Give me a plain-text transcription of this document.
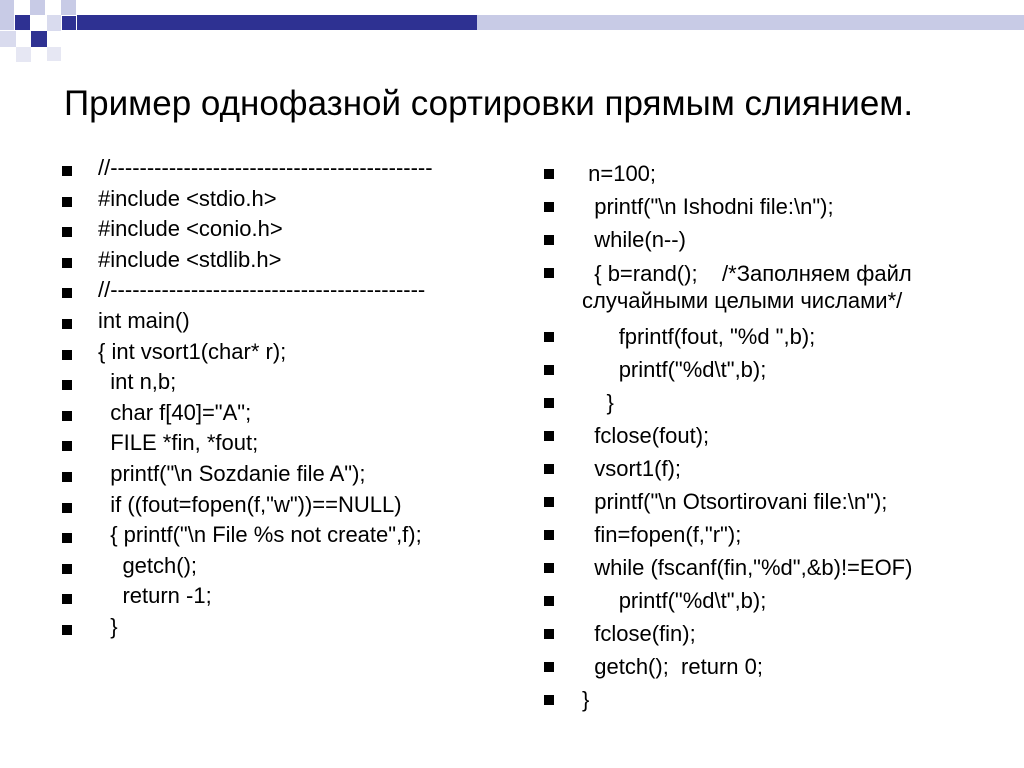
Пример однофазной сортировки прямым слиянием.
//--------------------------------------------
#include <stdio.h>
#include <conio.h>
#include <stdlib.h>
//-------------------------------------------
int main()
{ int vsort1(char* r);
int n,b;
char f[40]="A";
FILE *fin, *fout;
printf("\n Sozdanie file A");
if ((fout=fopen(f,"w"))==NULL)
{ printf("\n File %s not create",f);
getch();
return -1;
}
n=100;
printf("\n Ishodni file:\n");
while(n--)
{ b=rand();    /*Заполняем файл случайными целыми числами*/
fprintf(fout, "%d ",b);
printf("%d\t",b);
}
fclose(fout);
vsort1(f);
printf("\n Otsortirovani file:\n");
fin=fopen(f,"r");
while (fscanf(fin,"%d",&b)!=EOF)
printf("%d\t",b);
fclose(fin);
getch();  return 0;
}
